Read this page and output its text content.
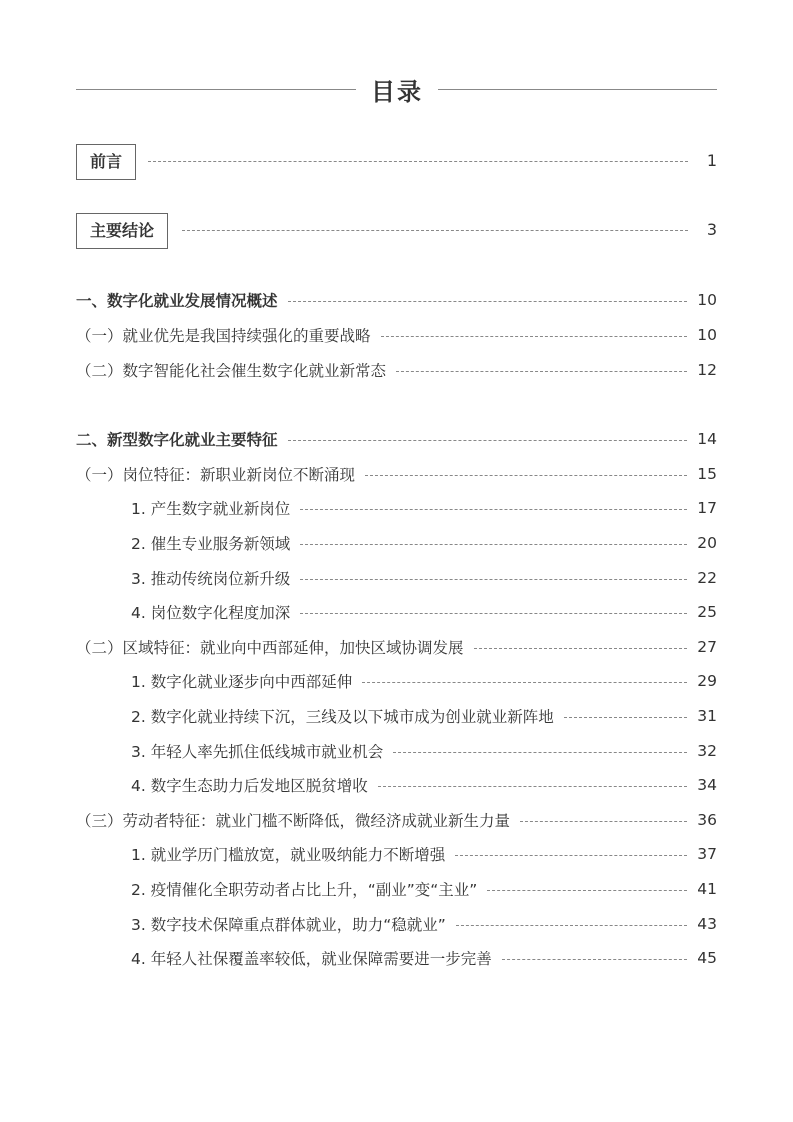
目录
前言	1
主要结论	3
一、数字化就业发展情况概述	10
（一）就业优先是我国持续强化的重要战略	10
（二）数字智能化社会催生数字化就业新常态	12
二、新型数字化就业主要特征	14
（一）岗位特征：新职业新岗位不断涌现	15
1. 产生数字就业新岗位	17
2. 催生专业服务新领域	20
3. 推动传统岗位新升级	22
4. 岗位数字化程度加深	25
（二）区域特征：就业向中西部延伸，加快区域协调发展	27
1. 数字化就业逐步向中西部延伸	29
2. 数字化就业持续下沉，三线及以下城市成为创业就业新阵地	31
3. 年轻人率先抓住低线城市就业机会	32
4. 数字生态助力后发地区脱贫增收	34
（三）劳动者特征：就业门槛不断降低，微经济成就业新生力量	36
1. 就业学历门槛放宽，就业吸纳能力不断增强	37
2. 疫情催化全职劳动者占比上升，“副业”变“主业”	41
3. 数字技术保障重点群体就业，助力“稳就业”	43
4. 年轻人社保覆盖率较低，就业保障需要进一步完善	45
